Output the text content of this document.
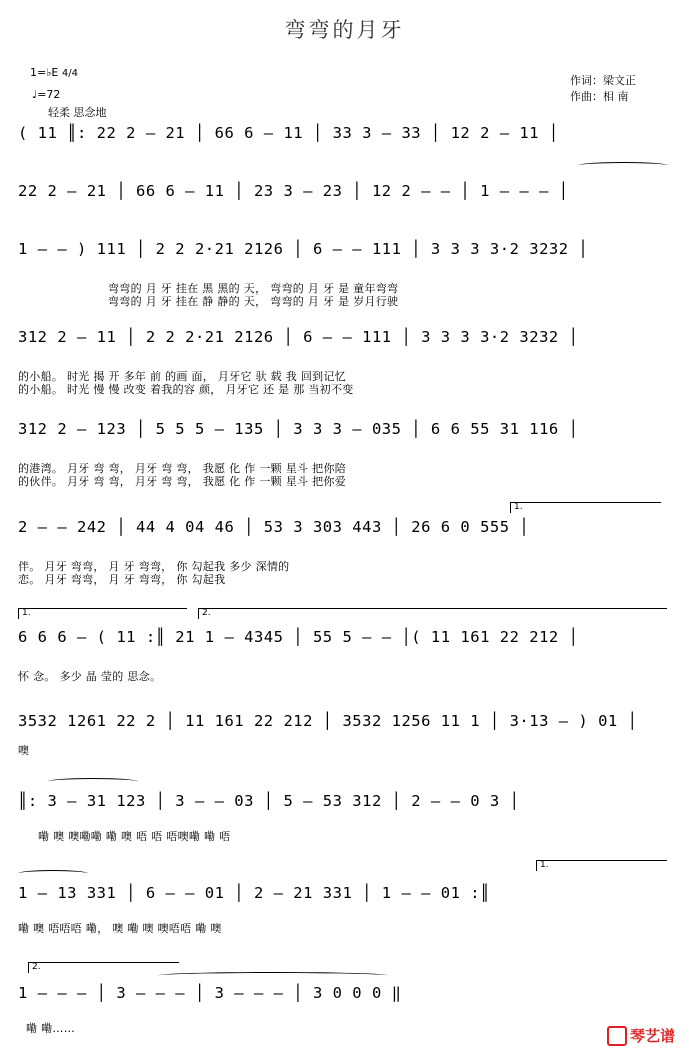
弯弯的月牙
1=♭E 4/4
♩=72
轻柔 思念地
作词：梁文正
作曲：相 南
( 11 ║: 22 2 – 21 │ 66 6 – 11 │ 33 3 – 33 │ 12 2 – 11 │
22 2 – 21 │ 66 6 – 11 │ 23 3 – 23 │ 12 2 – – │ 1 – – – │
1 – – ) 111 │ 2 2 2·21 2126 │ 6 – – 111 │ 3 3 3 3·2 3232 │
弯弯的 月 牙 挂在 黑 黑的 天， 弯弯的 月 牙 是 童年弯弯
弯弯的 月 牙 挂在 静 静的 天， 弯弯的 月 牙 是 岁月行驶
312 2 – 11 │ 2 2 2·21 2126 │ 6 – – 111 │ 3 3 3 3·2 3232 │
的小船。 时光 揭 开 多年 前 的画 面， 月牙它 驮 载 我 回到记忆
的小船。 时光 慢 慢 改变 着我的容 颜， 月牙它 还 是 那 当初不变
312 2 – 123 │ 5 5 5 – 135 │ 3 3 3 – 035 │ 6 6 55 31 116 │
的港湾。 月牙 弯 弯， 月牙 弯 弯， 我愿 化 作 一颗 星斗 把你陪
的伙伴。 月牙 弯 弯， 月牙 弯 弯， 我愿 化 作 一颗 星斗 把你爱
1.
2 – – 242 │ 44 4 04 46 │ 53 3 303 443 │ 26 6 0 555 │
伴。 月牙 弯弯， 月 牙 弯弯， 你 勾起我 多少 深情的
恋。 月牙 弯弯， 月 牙 弯弯， 你 勾起我
1.	2.
6 6 6 – ( 11 :║ 21 1 – 4345 │ 55 5 – – │( 11 161 22 212 │
怀 念。 多少 晶 莹的 思念。
3532 1261 22 2 │ 11 161 22 212 │ 3532 1256 11 1 │ 3·13 – ) 01 │
噢
║: 3 – 31 123 │ 3 – – 03 │ 5 – 53 312 │ 2 – – 0 3 │
嘞 噢 噢嘞嘞 嘞 噢 唔 唔 唔噢嘞 嘞 唔
1.
1 – 13 331 │ 6 – – 01 │ 2 – 21 331 │ 1 – – 01 :║
嘞 噢 唔唔唔 嘞， 噢 嘞 噢 噢唔唔 嘞 噢
2.
1 – – – │ 3 – – – │ 3 – – – │ 3 0 0 0 ‖
嘞 嘞……	琴艺谱
